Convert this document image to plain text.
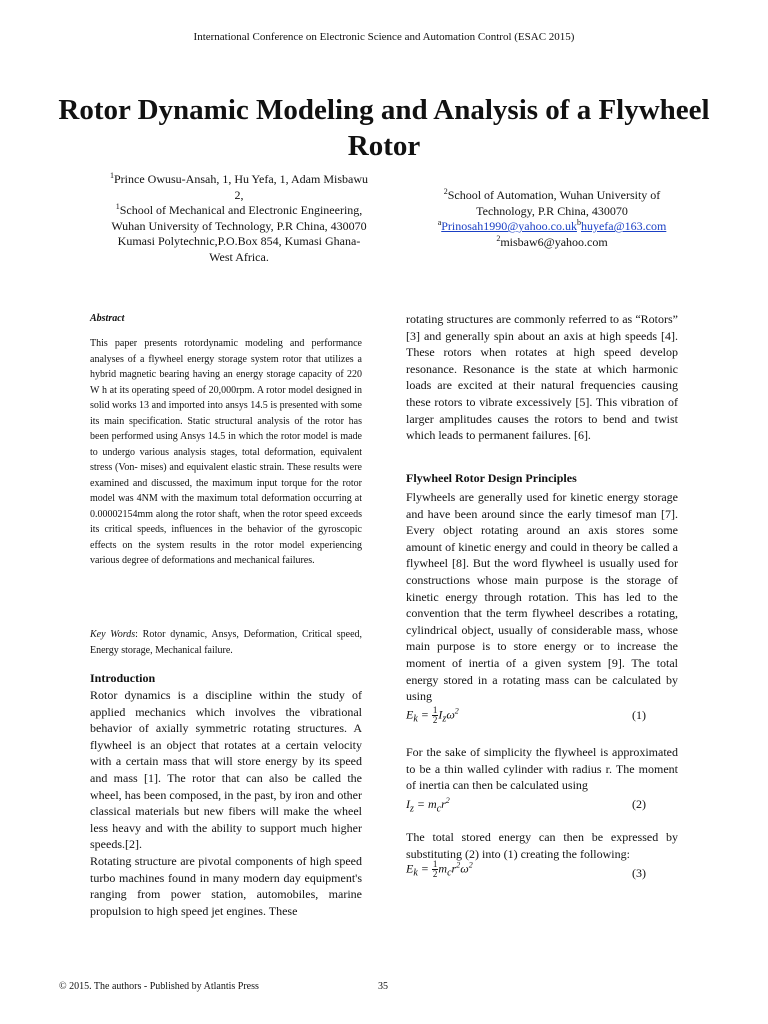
International Conference on Electronic Science and Automation Control (ESAC 2015)
Rotor Dynamic Modeling and Analysis of a Flywheel Rotor
$^1$Prince Owusu-Ansah, 1, Hu Yefa, 1, Adam Misbawu 2,
$^1$School of Mechanical and Electronic Engineering, Wuhan University of Technology, P.R China, 430070
Kumasi Polytechnic,P.O.Box 854, Kumasi Ghana- West Africa.
$^2$School of Automation, Wuhan University of Technology, P.R China, 430070
$^aPrinosah1990@yahoo.co.uk^bhuyefa@163.com$
$^2$misbaw6@yahoo.com
Abstract

This paper presents rotordynamic modeling and performance analyses of a flywheel energy storage system rotor that utilizes a hybrid magnetic bearing having an energy storage capacity of 220 W h at its operating speed of 20,000rpm. A rotor model designed in solid works 13 and imported into ansys 14.5 is presented with some its main specification. Static structural analysis of the rotor has been performed using Ansys 14.5 in which the rotor model is made to undergo various analysis stages, total deformation, equivalent stress (Von- mises) and equivalent elastic strain. These results were examined and discussed, the maximum input torque for the rotor model was 4NM with the maximum total deformation occurring at 0.00002154mm along the rotor shaft, when the rotor speed exceeds its critical speeds, influences in the behavior of the gyroscopic effects on the system results in the rotor model experiencing various degree of deformations and mechanical failures.

Key Words: Rotor dynamic, Ansys, Deformation, Critical speed, Energy storage, Mechanical failure.
Introduction

Rotor dynamics is a discipline within the study of applied mechanics which involves the vibrational behavior of axially symmetric rotating structures. A flywheel is an object that rotates at a certain velocity with a certain mass that will store energy by its speed and mass [1]. The rotor that can also be called the wheel, has been composed, in the past, by iron and other classical materials but new fibers will make the wheel less heavy and with the ability to support much higher speeds.[2].

Rotating structure are pivotal components of high speed turbo machines found in many modern day equipment's ranging from power station, automobiles, marine propulsion to high speed jet engines. These

rotating structures are commonly referred to as “Rotors” [3] and generally spin about an axis at high speeds [4]. These rotors when rotates at high speed develop resonance. Resonance is the state at which harmonic loads are excited at their natural frequencies causing these rotors to vibrate excessively [5]. This vibration of larger amplitudes causes the rotors to bend and twist which leads to permanent failures. [6].

Flywheel Rotor Design Principles

Flywheels are generally used for kinetic energy storage and have been around since the early timesof man [7]. Every object rotating around an axis stores some amount of kinetic energy and could in theory be called a flywheel [8]. But the word flywheel is usually used for constructions whose main purpose is the storage of kinetic energy through rotation. This has led to the convention that the term flywheel describes a rotating, cylindrical object, usually of considerable mass, whose main purpose is to store energy or to increase the moment of inertia of a given system [9]. The total energy stored in a rotating mass can be calculated by using

$E_k = \frac{1}{2} I_z\omega^2$	(1)

For the sake of simplicity the flywheel is approximated to be a thin walled cylinder with radius r. The moment of inertia can then be calculated using

$I_z = m_cr^2$	(2)

The total stored energy can then be expressed by substituting (2) into (1) creating the following:

$E_k = \frac{1}{2} m_cr^2\omega^2$
(3)
© 2015. The authors - Published by Atlantis Press	35
